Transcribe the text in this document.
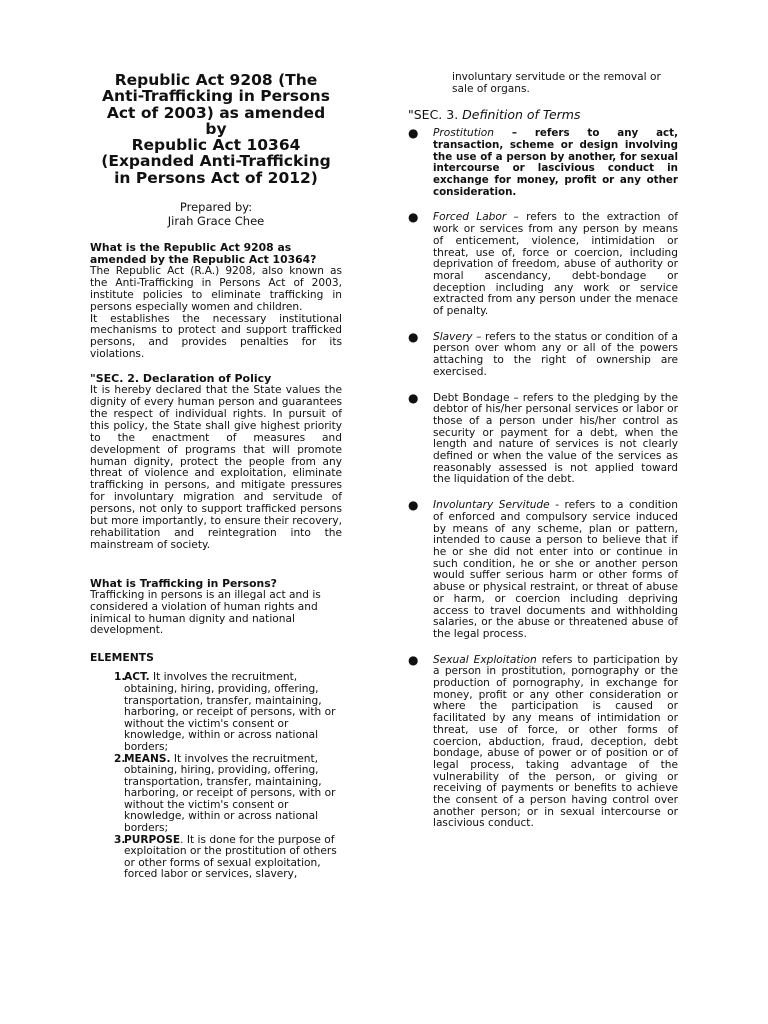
Republic Act 9208 (The
Anti-Trafficking in Persons
Act of 2003) as amended
by
Republic Act 10364
(Expanded Anti-Trafficking
in Persons Act of 2012)
Prepared by:
Jirah Grace Chee
What is the Republic Act 9208 as amended by the Republic Act 10364?
The Republic Act (R.A.) 9208, also known as the Anti-Trafficking in Persons Act of 2003, institute policies to eliminate trafficking in persons especially women and children.
It establishes the necessary institutional mechanisms to protect and support trafficked persons, and provides penalties for its violations.
"SEC. 2. Declaration of Policy
It is hereby declared that the State values the dignity of every human person and guarantees the respect of individual rights. In pursuit of this policy, the State shall give highest priority to the enactment of measures and development of programs that will promote human dignity, protect the people from any threat of violence and exploitation, eliminate trafficking in persons, and mitigate pressures for involuntary migration and servitude of persons, not only to support trafficked persons but more importantly, to ensure their recovery, rehabilitation and reintegration into the mainstream of society.
What is Trafficking in Persons?
Trafficking in persons is an illegal act and is considered a violation of human rights and inimical to human dignity and national development.
ELEMENTS
1.
ACT. It involves the recruitment, obtaining, hiring, providing, offering, transportation, transfer, maintaining, harboring, or receipt of persons, with or without the victim's consent or knowledge, within or across national borders;
2.
MEANS. It involves the recruitment, obtaining, hiring, providing, offering, transportation, transfer, maintaining, harboring, or receipt of persons, with or without the victim's consent or knowledge, within or across national borders;
3.
PURPOSE. It is done for the purpose of exploitation or the prostitution of others or other forms of sexual exploitation, forced labor or services, slavery,
involuntary servitude or the removal or sale of organs.
"SEC. 3. Definition of Terms
● Prostitution – refers to any act, transaction, scheme or design involving the use of a person by another, for sexual intercourse or lascivious conduct in exchange for money, profit or any other consideration.
● Forced Labor – refers to the extraction of work or services from any person by means of enticement, violence, intimidation or threat, use of, force or coercion, including deprivation of freedom, abuse of authority or moral ascendancy, debt-bondage or deception including any work or service extracted from any person under the menace of penalty.
● Slavery – refers to the status or condition of a person over whom any or all of the powers attaching to the right of ownership are exercised.
● Debt Bondage – refers to the pledging by the debtor of his/her personal services or labor or those of a person under his/her control as security or payment for a debt, when the length and nature of services is not clearly defined or when the value of the services as reasonably assessed is not applied toward the liquidation of the debt.
● Involuntary Servitude - refers to a condition of enforced and compulsory service induced by means of any scheme, plan or pattern, intended to cause a person to believe that if he or she did not enter into or continue in such condition, he or she or another person would suffer serious harm or other forms of abuse or physical restraint, or threat of abuse or harm, or coercion including depriving access to travel documents and withholding salaries, or the abuse or threatened abuse of the legal process.
● Sexual Exploitation refers to participation by a person in prostitution, pornography or the production of pornography, in exchange for money, profit or any other consideration or where the participation is caused or facilitated by any means of intimidation or threat, use of force, or other forms of coercion, abduction, fraud, deception, debt bondage, abuse of power or of position or of legal process, taking advantage of the vulnerability of the person, or giving or receiving of payments or benefits to achieve the consent of a person having control over another person; or in sexual intercourse or lascivious conduct.
